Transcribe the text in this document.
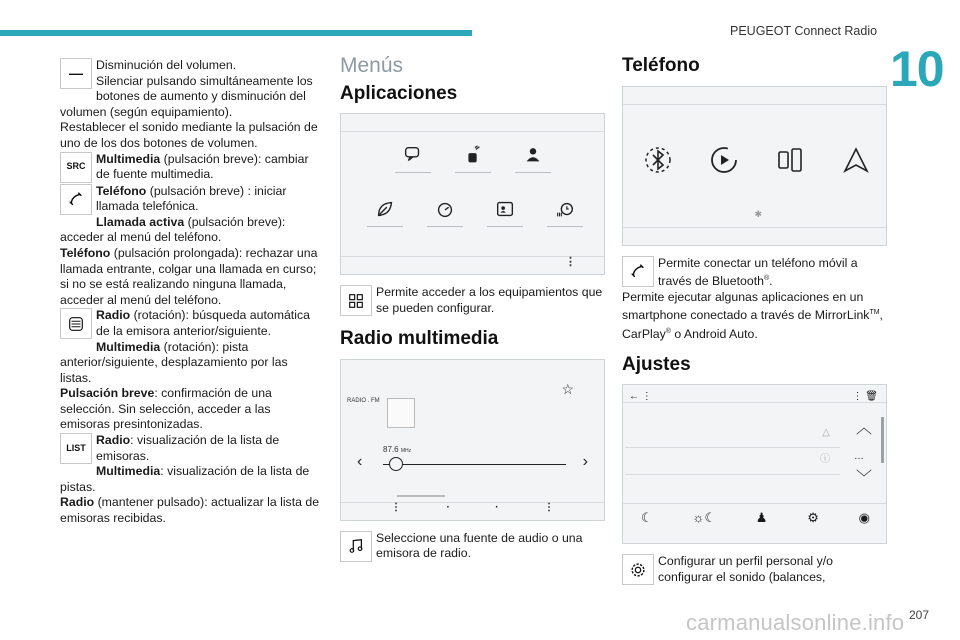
PEUGEOT Connect Radio
10
carmanualsonline.info 207
—	Disminución del volumen.
Silenciar pulsando simultáneamente los botones de aumento y disminución del volumen (según equipamiento).
Restablecer el sonido mediante la pulsación de uno de los dos botones de volumen.

SRC

Multimedia (pulsación breve): cambiar de fuente multimedia.

Teléfono (pulsación breve) : iniciar llamada telefónica.
Llamada activa (pulsación breve): acceder al menú del teléfono.
Teléfono (pulsación prolongada): rechazar una llamada entrante, colgar una llamada en curso; si no se está realizando ninguna llamada, acceder al menú del teléfono.

Radio (rotación): búsqueda automática de la emisora anterior/siguiente.
Multimedia (rotación): pista anterior/siguiente, desplazamiento por las listas.
Pulsación breve: confirmación de una selección. Sin selección, acceder a las emisoras presintonizadas.

LIST

Radio: visualización de la lista de emisoras.
Multimedia: visualización de la lista de pistas.
Radio (mantener pulsado): actualizar la lista de emisoras recibidas.

Menús
Aplicaciones
⋮

Permite acceder a los equipamientos que se pueden configurar.

Radio multimedia
RADIO . FM
☆
87.6 MHz
‹	›
⋮	·	·	⋮

Seleccione una fuente de audio o una emisora de radio.

Teléfono
✱

Permite conectar un teléfono móvil a través de Bluetooth®.
Permite ejecutar algunas aplicaciones en un smartphone conectado a través de MirrorLink™, CarPlay® o Android Auto.

Ajustes
← ⋮	⋮ 🗑
△
ⓘ
︿
…
﹀
☾	☼☾	♟	⚙	◉

Configurar un perfil personal y/o configurar el sonido (balances,
